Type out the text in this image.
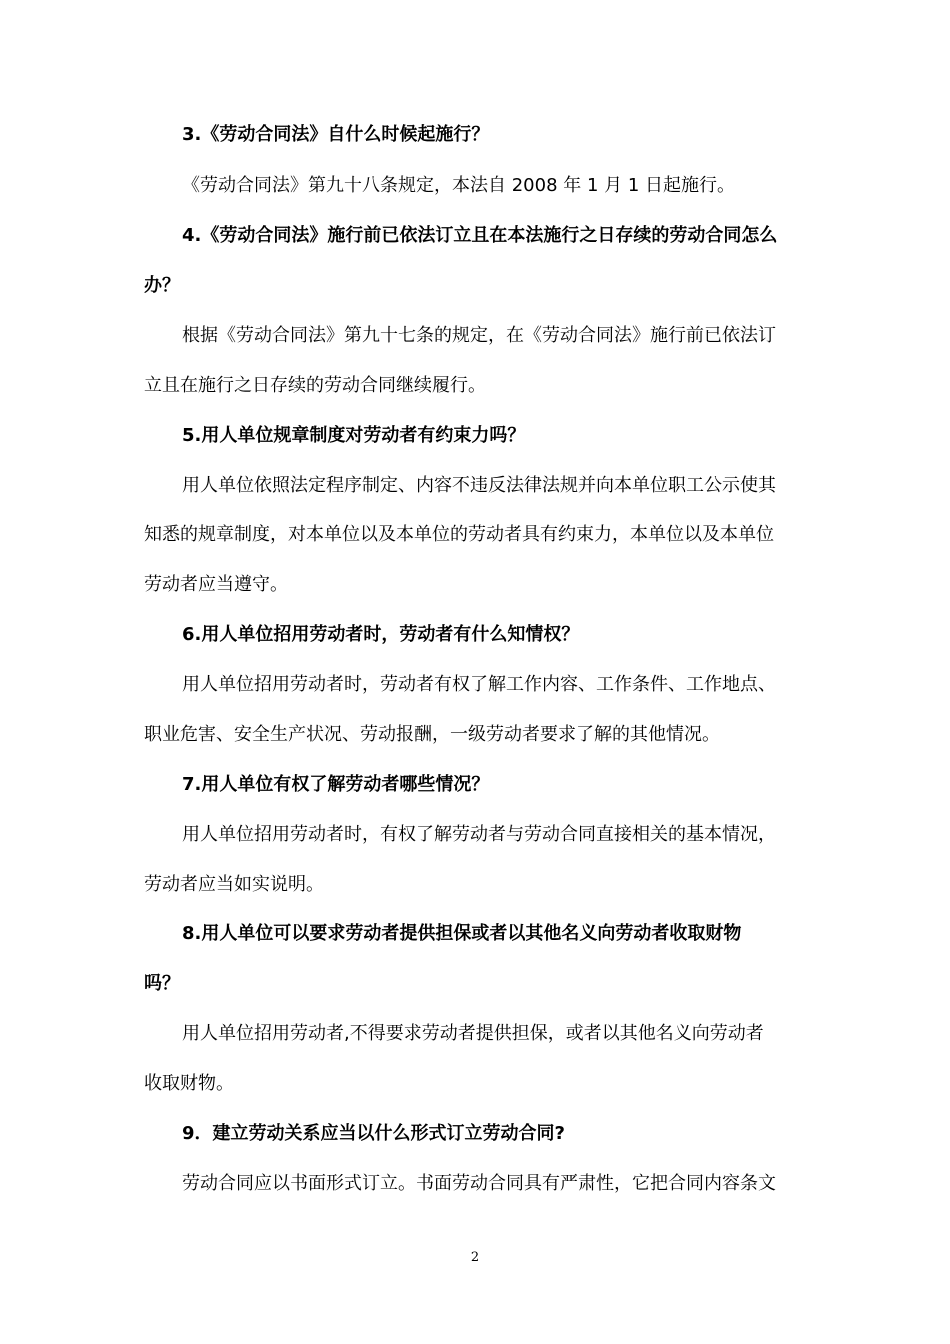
3.《劳动合同法》自什么时候起施行？
《劳动合同法》第九十八条规定，本法自 2008 年 1 月 1 日起施行。
4.《劳动合同法》施行前已依法订立且在本法施行之日存续的劳动合同怎么
办？
根据《劳动合同法》第九十七条的规定，在《劳动合同法》施行前已依法订
立且在施行之日存续的劳动合同继续履行。
5.用人单位规章制度对劳动者有约束力吗？
用人单位依照法定程序制定、内容不违反法律法规并向本单位职工公示使其
知悉的规章制度，对本单位以及本单位的劳动者具有约束力，本单位以及本单位
劳动者应当遵守。
6.用人单位招用劳动者时，劳动者有什么知情权？
用人单位招用劳动者时，劳动者有权了解工作内容、工作条件、工作地点、
职业危害、安全生产状况、劳动报酬，一级劳动者要求了解的其他情况。
7.用人单位有权了解劳动者哪些情况？
用人单位招用劳动者时，有权了解劳动者与劳动合同直接相关的基本情况，
劳动者应当如实说明。
8.用人单位可以要求劳动者提供担保或者以其他名义向劳动者收取财物
吗？
用人单位招用劳动者,不得要求劳动者提供担保，或者以其他名义向劳动者
收取财物。
9．建立劳动关系应当以什么形式订立劳动合同?
劳动合同应以书面形式订立。书面劳动合同具有严肃性，它把合同内容条文
2
